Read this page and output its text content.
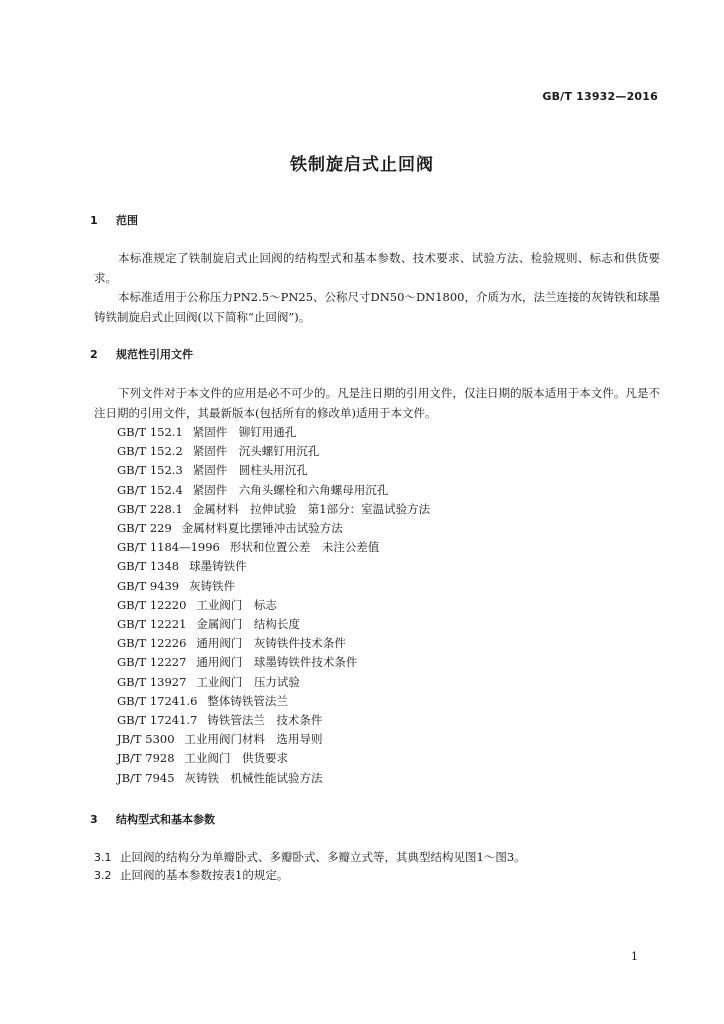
GB/T 13932—2016
铁制旋启式止回阀
1 范围

本标准规定了铁制旋启式止回阀的结构型式和基本参数、技术要求、试验方法、检验规则、标志和供货要求。

本标准适用于公称压力PN2.5～PN25、公称尺寸DN50～DN1800，介质为水，法兰连接的灰铸铁和球墨铸铁制旋启式止回阀(以下简称“止回阀”)。

2 规范性引用文件

下列文件对于本文件的应用是必不可少的。凡是注日期的引用文件，仅注日期的版本适用于本文件。凡是不注日期的引用文件，其最新版本(包括所有的修改单)适用于本文件。

GB/T 152.1 紧固件　铆钉用通孔
GB/T 152.2 紧固件　沉头螺钉用沉孔
GB/T 152.3 紧固件　圆柱头用沉孔
GB/T 152.4 紧固件　六角头螺栓和六角螺母用沉孔
GB/T 228.1 金属材料　拉伸试验　第1部分：室温试验方法
GB/T 229 金属材料夏比摆锤冲击试验方法
GB/T 1184—1996 形状和位置公差　未注公差值
GB/T 1348 球墨铸铁件
GB/T 9439 灰铸铁件
GB/T 12220 工业阀门　标志
GB/T 12221 金属阀门　结构长度
GB/T 12226 通用阀门　灰铸铁件技术条件
GB/T 12227 通用阀门　球墨铸铁件技术条件
GB/T 13927 工业阀门　压力试验
GB/T 17241.6 整体铸铁管法兰
GB/T 17241.7 铸铁管法兰　技术条件
JB/T 5300 工业用阀门材料　选用导则
JB/T 7928 工业阀门　供货要求
JB/T 7945 灰铸铁　机械性能试验方法
3 结构型式和基本参数
3.1 止回阀的结构分为单瓣卧式、多瓣卧式、多瓣立式等，其典型结构见图1～图3。
3.2 止回阀的基本参数按表1的规定。
1
